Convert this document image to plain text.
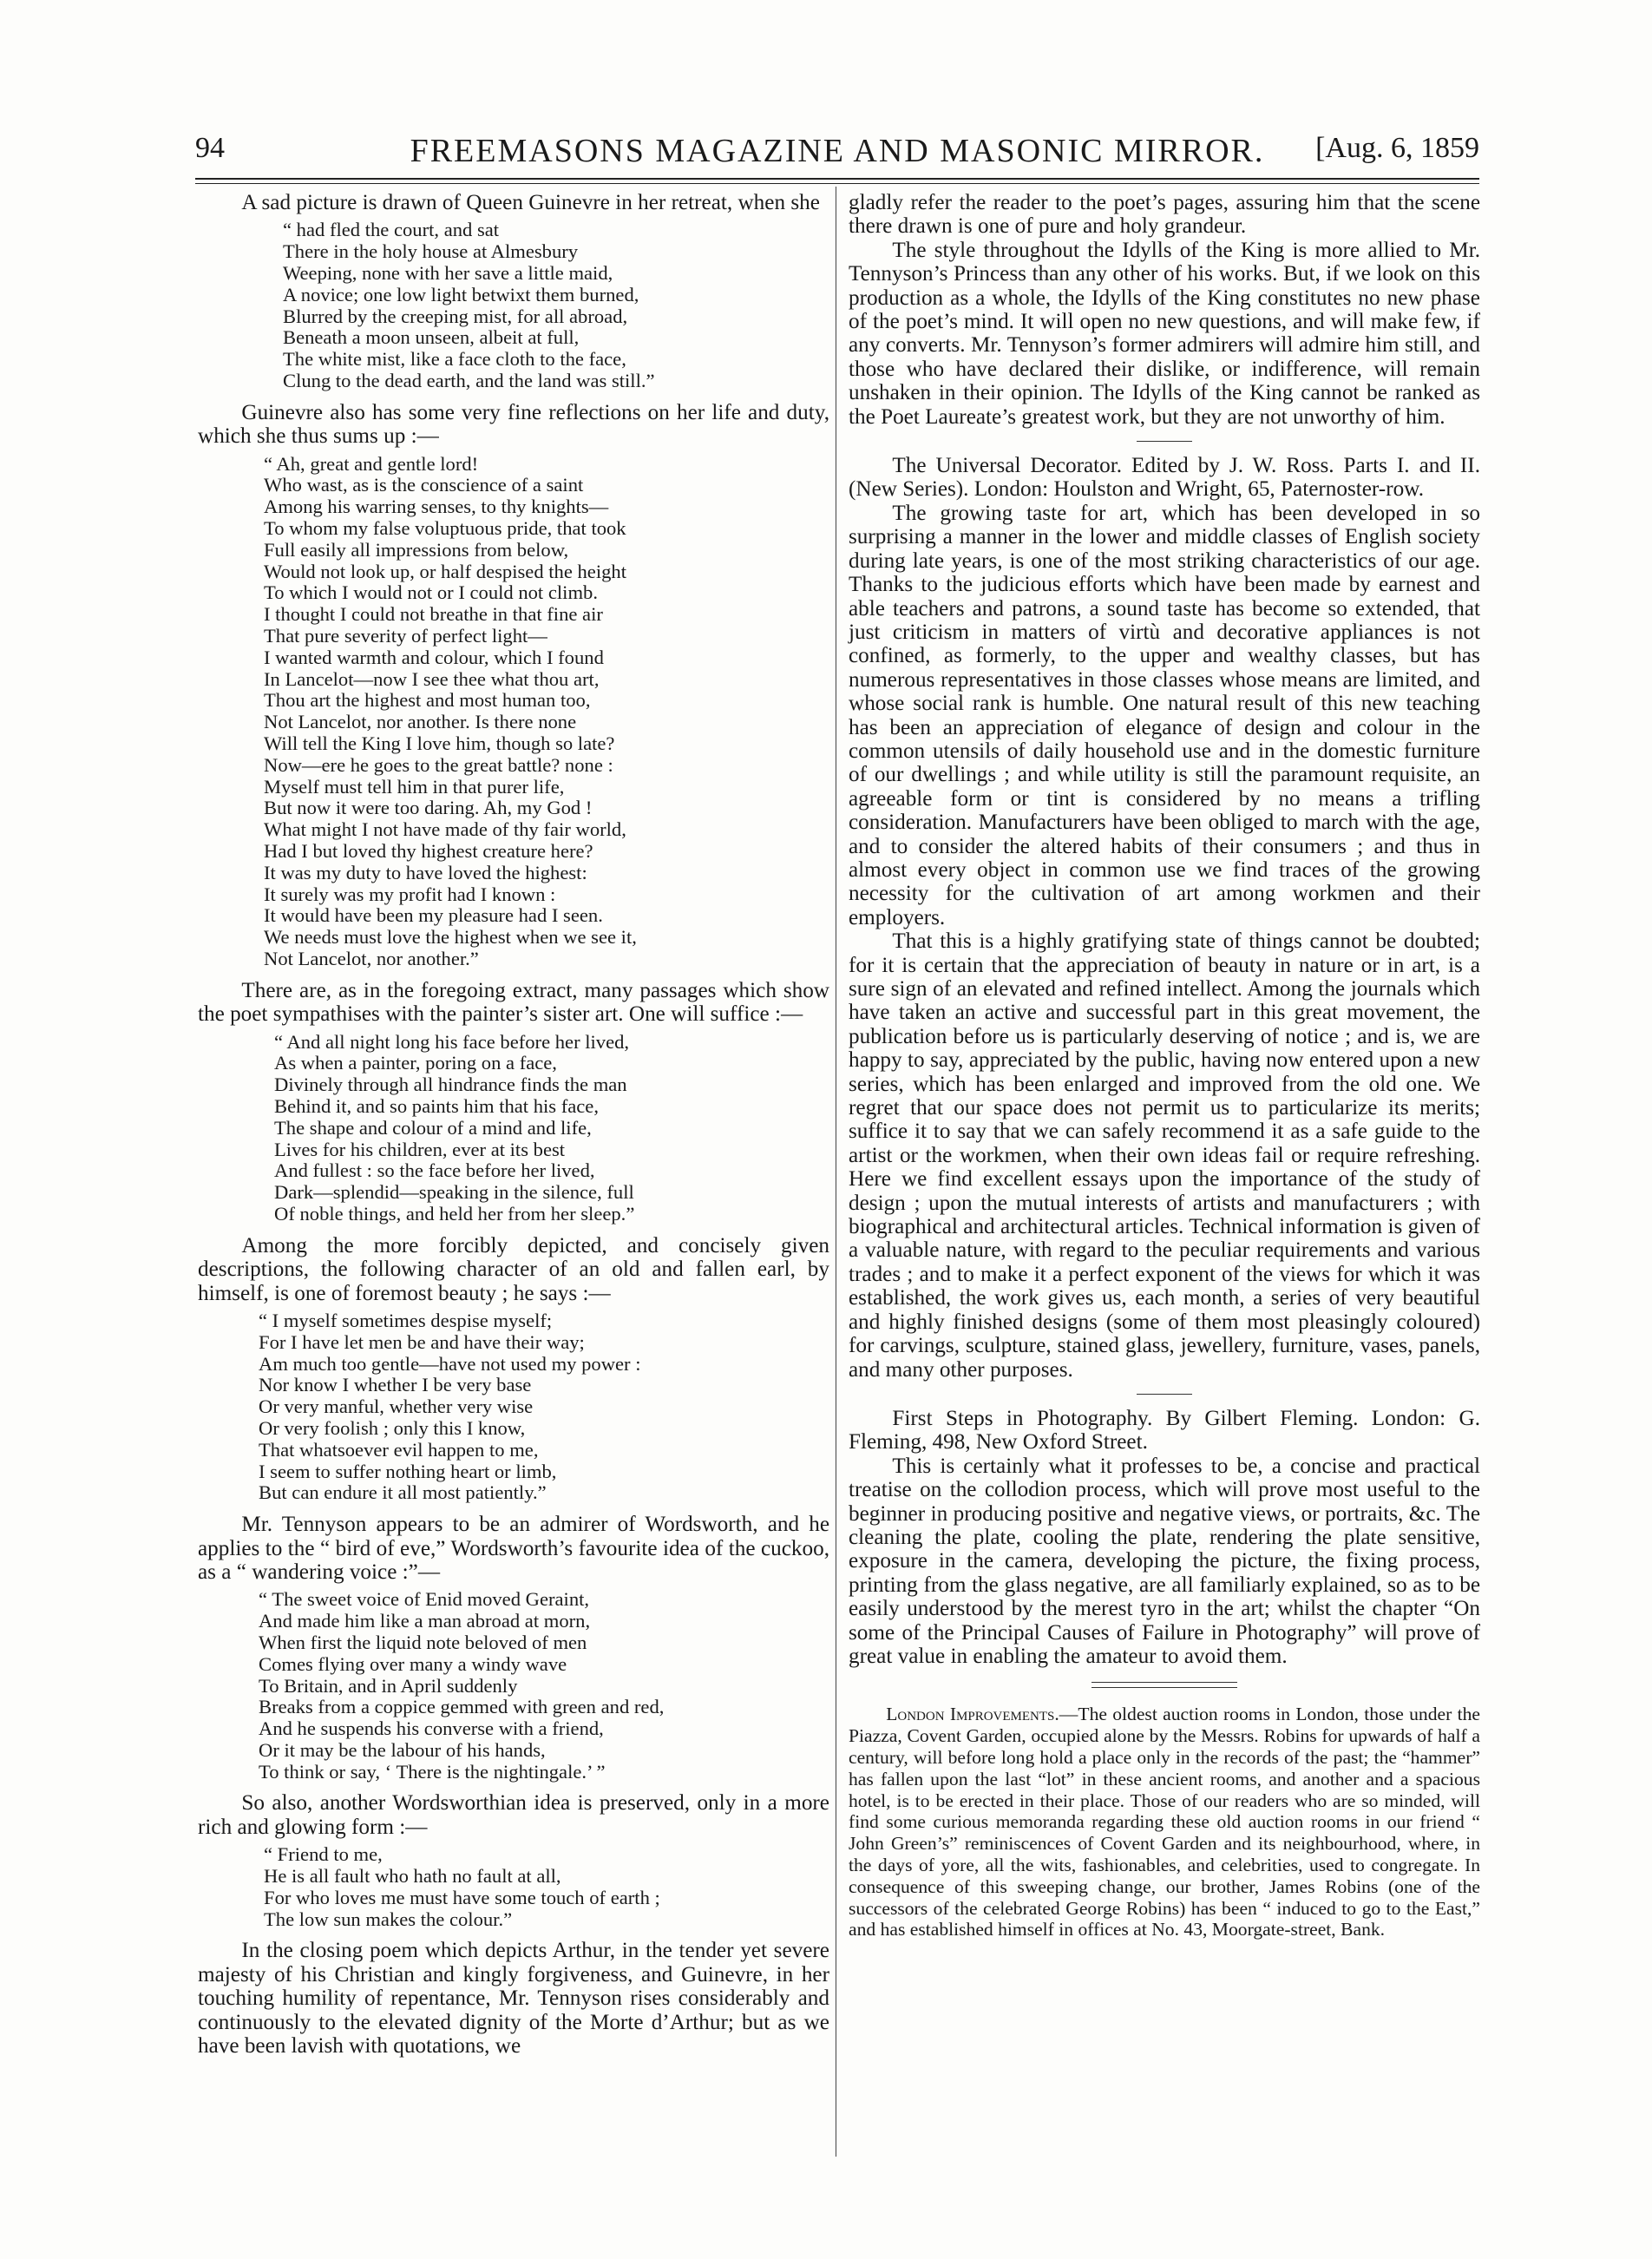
94	FREEMASONS MAGAZINE AND MASONIC MIRROR.	[Aug. 6, 1859

A sad picture is drawn of Queen Guinevre in her retreat, when she

“ had fled the court, and sat
There in the holy house at Almesbury
Weeping, none with her save a little maid,
A novice; one low light betwixt them burned,
Blurred by the creeping mist, for all abroad,
Beneath a moon unseen, albeit at full,
The white mist, like a face cloth to the face,
Clung to the dead earth, and the land was still.”

Guinevre also has some very fine reflections on her life and duty, which she thus sums up :—

“ Ah, great and gentle lord!
Who wast, as is the conscience of a saint
Among his warring senses, to thy knights—
To whom my false voluptuous pride, that took
Full easily all impressions from below,
Would not look up, or half despised the height
To which I would not or I could not climb.
I thought I could not breathe in that fine air
That pure severity of perfect light—
I wanted warmth and colour, which I found
In Lancelot—now I see thee what thou art,
Thou art the highest and most human too,
Not Lancelot, nor another. Is there none
Will tell the King I love him, though so late?
Now—ere he goes to the great battle? none :
Myself must tell him in that purer life,
But now it were too daring. Ah, my God !
What might I not have made of thy fair world,
Had I but loved thy highest creature here?
It was my duty to have loved the highest:
It surely was my profit had I known :
It would have been my pleasure had I seen.
We needs must love the highest when we see it,
Not Lancelot, nor another.”

There are, as in the foregoing extract, many passages which show the poet sympathises with the painter’s sister art. One will suffice :—

“ And all night long his face before her lived,
As when a painter, poring on a face,
Divinely through all hindrance finds the man
Behind it, and so paints him that his face,
The shape and colour of a mind and life,
Lives for his children, ever at its best
And fullest : so the face before her lived,
Dark—splendid—speaking in the silence, full
Of noble things, and held her from her sleep.”

Among the more forcibly depicted, and concisely given descriptions, the following character of an old and fallen earl, by himself, is one of foremost beauty ; he says :—

“ I myself sometimes despise myself;
For I have let men be and have their way;
Am much too gentle—have not used my power :
Nor know I whether I be very base
Or very manful, whether very wise
Or very foolish ; only this I know,
That whatsoever evil happen to me,
I seem to suffer nothing heart or limb,
But can endure it all most patiently.”

Mr. Tennyson appears to be an admirer of Wordsworth, and he applies to the “ bird of eve,” Wordsworth’s favourite idea of the cuckoo, as a “ wandering voice :”—

“ The sweet voice of Enid moved Geraint,
And made him like a man abroad at morn,
When first the liquid note beloved of men
Comes flying over many a windy wave
To Britain, and in April suddenly
Breaks from a coppice gemmed with green and red,
And he suspends his converse with a friend,
Or it may be the labour of his hands,
To think or say, ‘ There is the nightingale.’ ”

So also, another Wordsworthian idea is preserved, only in a more rich and glowing form :—

“ Friend to me,
He is all fault who hath no fault at all,
For who loves me must have some touch of earth ;
The low sun makes the colour.”

In the closing poem which depicts Arthur, in the tender yet severe majesty of his Christian and kingly forgiveness, and Guinevre, in her touching humility of repentance, Mr. Tennyson rises considerably and continuously to the elevated dignity of the Morte d’Arthur; but as we have been lavish with quotations, we

gladly refer the reader to the poet’s pages, assuring him that the scene there drawn is one of pure and holy grandeur.

The style throughout the Idylls of the King is more allied to Mr. Tennyson’s Princess than any other of his works. But, if we look on this production as a whole, the Idylls of the King constitutes no new phase of the poet’s mind. It will open no new questions, and will make few, if any converts. Mr. Tennyson’s former admirers will admire him still, and those who have declared their dislike, or indifference, will remain unshaken in their opinion. The Idylls of the King cannot be ranked as the Poet Laureate’s greatest work, but they are not unworthy of him.

The Universal Decorator. Edited by J. W. Ross. Parts I. and II. (New Series). London: Houlston and Wright, 65, Paternoster-row.

The growing taste for art, which has been developed in so surprising a manner in the lower and middle classes of English society during late years, is one of the most striking characteristics of our age. Thanks to the judicious efforts which have been made by earnest and able teachers and patrons, a sound taste has become so extended, that just criticism in matters of virtù and decorative appliances is not confined, as formerly, to the upper and wealthy classes, but has numerous representatives in those classes whose means are limited, and whose social rank is humble. One natural result of this new teaching has been an appreciation of elegance of design and colour in the common utensils of daily household use and in the domestic furniture of our dwellings ; and while utility is still the paramount requisite, an agreeable form or tint is considered by no means a trifling consideration. Manufacturers have been obliged to march with the age, and to consider the altered habits of their consumers ; and thus in almost every object in common use we find traces of the growing necessity for the cultivation of art among workmen and their employers.

That this is a highly gratifying state of things cannot be doubted; for it is certain that the appreciation of beauty in nature or in art, is a sure sign of an elevated and refined intellect. Among the journals which have taken an active and successful part in this great movement, the publication before us is particularly deserving of notice ; and is, we are happy to say, appreciated by the public, having now entered upon a new series, which has been enlarged and improved from the old one. We regret that our space does not permit us to particularize its merits; suffice it to say that we can safely recommend it as a safe guide to the artist or the workmen, when their own ideas fail or require refreshing. Here we find excellent essays upon the importance of the study of design ; upon the mutual interests of artists and manufacturers ; with biographical and architectural articles. Technical information is given of a valuable nature, with regard to the peculiar requirements and various trades ; and to make it a perfect exponent of the views for which it was established, the work gives us, each month, a series of very beautiful and highly finished designs (some of them most pleasingly coloured) for carvings, sculpture, stained glass, jewellery, furniture, vases, panels, and many other purposes.

First Steps in Photography. By Gilbert Fleming. London: G. Fleming, 498, New Oxford Street.

This is certainly what it professes to be, a concise and practical treatise on the collodion process, which will prove most useful to the beginner in producing positive and negative views, or portraits, &c. The cleaning the plate, cooling the plate, rendering the plate sensitive, exposure in the camera, developing the picture, the fixing process, printing from the glass negative, are all familiarly explained, so as to be easily understood by the merest tyro in the art; whilst the chapter “On some of the Principal Causes of Failure in Photography” will prove of great value in enabling the amateur to avoid them.

London Improvements.—The oldest auction rooms in London, those under the Piazza, Covent Garden, occupied alone by the Messrs. Robins for upwards of half a century, will before long hold a place only in the records of the past; the “hammer” has fallen upon the last “lot” in these ancient rooms, and another and a spacious hotel, is to be erected in their place. Those of our readers who are so minded, will find some curious memoranda regarding these old auction rooms in our friend “ John Green’s” reminiscences of Covent Garden and its neighbourhood, where, in the days of yore, all the wits, fashionables, and celebrities, used to congregate. In consequence of this sweeping change, our brother, James Robins (one of the successors of the celebrated George Robins) has been “ induced to go to the East,” and has established himself in offices at No. 43, Moorgate-street, Bank.
